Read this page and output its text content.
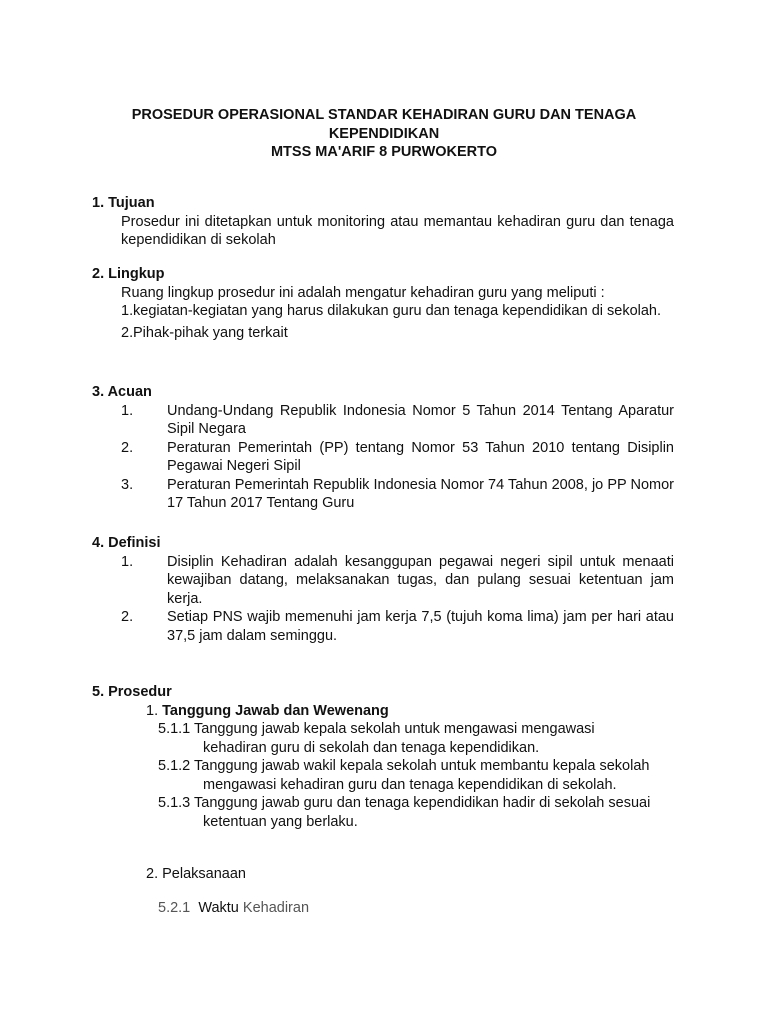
PROSEDUR OPERASIONAL STANDAR KEHADIRAN GURU DAN TENAGA
KEPENDIDIKAN
MTSS MA'ARIF 8 PURWOKERTO
1. Tujuan
Prosedur ini ditetapkan untuk monitoring atau memantau kehadiran guru dan tenaga kependidikan di sekolah
2. Lingkup
Ruang lingkup prosedur ini adalah mengatur kehadiran guru yang meliputi :
1. kegiatan-kegiatan yang harus dilakukan guru dan tenaga kependidikan di sekolah.
2. Pihak-pihak yang terkait
3. Acuan
1. Undang-Undang Republik Indonesia Nomor 5 Tahun 2014 Tentang Aparatur Sipil Negara
2. Peraturan Pemerintah (PP) tentang Nomor 53 Tahun 2010 tentang Disiplin Pegawai Negeri Sipil
3. Peraturan Pemerintah Republik Indonesia Nomor 74 Tahun 2008, jo PP Nomor 17 Tahun 2017 Tentang Guru
4. Definisi
1. Disiplin Kehadiran adalah kesanggupan pegawai negeri sipil untuk menaati kewajiban datang, melaksanakan tugas, dan pulang sesuai ketentuan jam kerja.
2. Setiap PNS wajib memenuhi jam kerja 7,5 (tujuh koma lima) jam per hari atau 37,5 jam dalam seminggu.
5. Prosedur
1. Tanggung Jawab dan Wewenang
5.1.1 Tanggung jawab kepala sekolah untuk mengawasi mengawasi
kehadiran guru di sekolah dan tenaga kependidikan.
5.1.2 Tanggung jawab wakil kepala sekolah untuk membantu kepala sekolah
mengawasi kehadiran guru dan tenaga kependidikan di sekolah.
5.1.3 Tanggung jawab guru dan tenaga kependidikan hadir di sekolah sesuai
ketentuan yang berlaku.
2. Pelaksanaan
5.2.1 Waktu Kehadiran
